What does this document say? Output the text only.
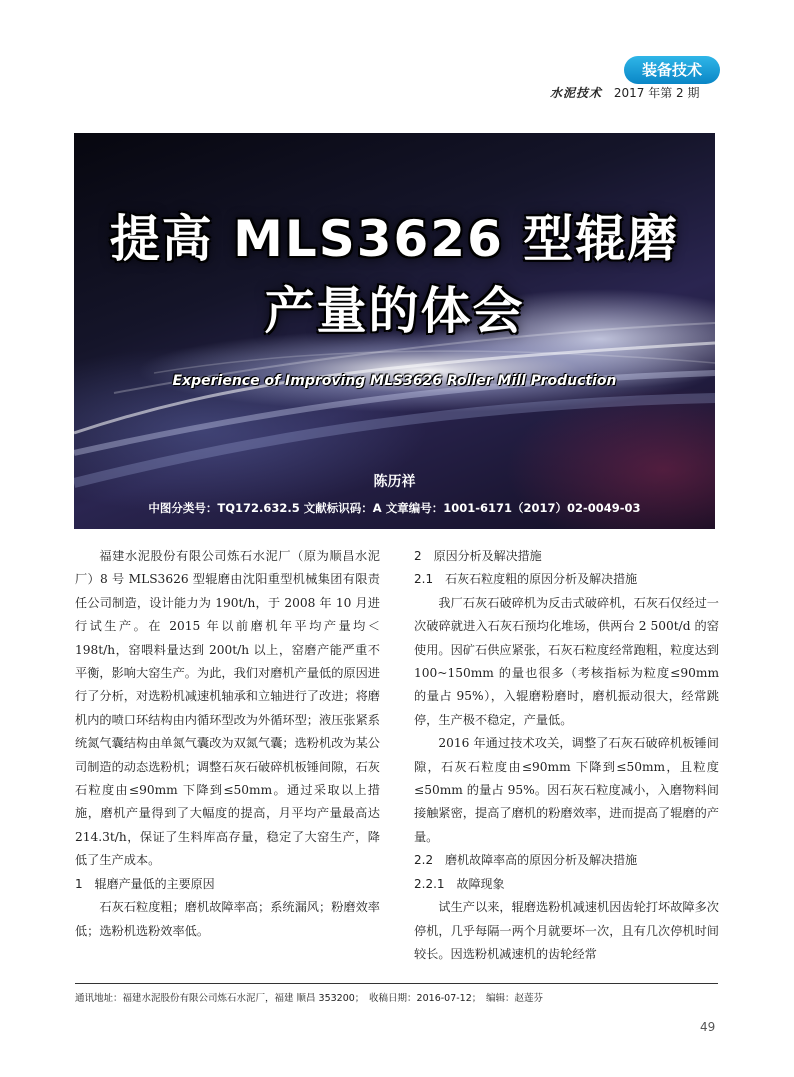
装备技术
水泥技术 2017 年第 2 期
提高 MLS3626 型辊磨
产量的体会
Experience of Improving MLS3626 Roller Mill Production
陈历祥
中图分类号：TQ172.632.5 文献标识码：A 文章编号：1001-6171（2017）02-0049-03

福建水泥股份有限公司炼石水泥厂（原为顺昌水泥厂）8 号 MLS3626 型辊磨由沈阳重型机械集团有限责任公司制造，设计能力为 190t/h，于 2008 年 10 月进行试生产。在 2015 年以前磨机年平均产量均＜198t/h，窑喂料量达到 200t/h 以上，窑磨产能严重不平衡，影响大窑生产。为此，我们对磨机产量低的原因进行了分析，对选粉机减速机轴承和立轴进行了改进；将磨机内的喷口环结构由内循环型改为外循环型；液压张紧系统氮气囊结构由单氮气囊改为双氮气囊；选粉机改为某公司制造的动态选粉机；调整石灰石破碎机板锤间隙，石灰石粒度由≤90mm 下降到≤50mm。通过采取以上措施，磨机产量得到了大幅度的提高，月平均产量最高达 214.3t/h，保证了生料库高存量，稳定了大窑生产，降低了生产成本。

1　辊磨产量低的主要原因

石灰石粒度粗；磨机故障率高；系统漏风；粉磨效率低；选粉机选粉效率低。

2　原因分析及解决措施
2.1　石灰石粒度粗的原因分析及解决措施

我厂石灰石破碎机为反击式破碎机，石灰石仅经过一次破碎就进入石灰石预均化堆场，供两台 2 500t/d 的窑使用。因矿石供应紧张，石灰石粒度经常跑粗，粒度达到 100~150mm 的量也很多（考核指标为粒度≤90mm 的量占 95%），入辊磨粉磨时，磨机振动很大，经常跳停，生产极不稳定，产量低。

2016 年通过技术攻关，调整了石灰石破碎机板锤间隙，石灰石粒度由≤90mm 下降到≤50mm，且粒度≤50mm 的量占 95%。因石灰石粒度减小，入磨物料间接触紧密，提高了磨机的粉磨效率，进而提高了辊磨的产量。

2.2　磨机故障率高的原因分析及解决措施
2.2.1　故障现象

试生产以来，辊磨选粉机减速机因齿轮打坏故障多次停机，几乎每隔一两个月就要坏一次，且有几次停机时间较长。因选粉机减速机的齿轮经常

通讯地址：福建水泥股份有限公司炼石水泥厂，福建 顺昌 353200；　收稿日期：2016-07-12；　编辑：赵莲芬
49
